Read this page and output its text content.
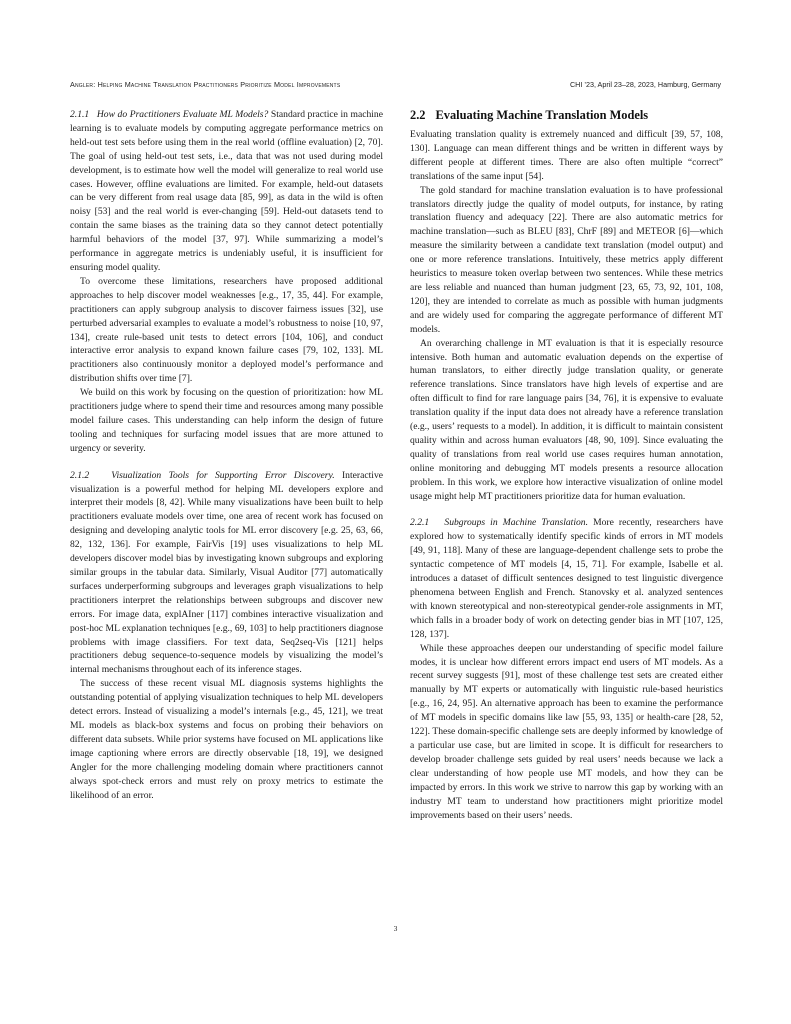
Angler: Helping Machine Translation Practitioners Prioritize Model Improvements	CHI ’23, April 23–28, 2023, Hamburg, Germany

2.1.1 How do Practitioners Evaluate ML Models? Standard practice in machine learning is to evaluate models by computing aggregate performance metrics on held-out test sets before using them in the real world (offline evaluation) [2, 70]. The goal of using held-out test sets, i.e., data that was not used during model development, is to estimate how well the model will generalize to real world use cases. However, offline evaluations are limited. For example, held-out datasets can be very different from real usage data [85, 99], as data in the wild is often noisy [53] and the real world is ever-changing [59]. Held-out datasets tend to contain the same biases as the training data so they cannot detect potentially harmful behaviors of the model [37, 97]. While summarizing a model’s performance in aggregate metrics is undeniably useful, it is insufficient for ensuring model quality.

To overcome these limitations, researchers have proposed additional approaches to help discover model weaknesses [e.g., 17, 35, 44]. For example, practitioners can apply subgroup analysis to discover fairness issues [32], use perturbed adversarial examples to evaluate a model’s robustness to noise [10, 97, 134], create rule-based unit tests to detect errors [104, 106], and conduct interactive error analysis to expand known failure cases [79, 102, 133]. ML practitioners also continuously monitor a deployed model’s performance and distribution shifts over time [7].

We build on this work by focusing on the question of prioritization: how ML practitioners judge where to spend their time and resources among many possible model failure cases. This understanding can help inform the design of future tooling and techniques for surfacing model issues that are more attuned to urgency or severity.

2.1.2 Visualization Tools for Supporting Error Discovery. Interactive visualization is a powerful method for helping ML developers explore and interpret their models [8, 42]. While many visualizations have been built to help practitioners evaluate models over time, one area of recent work has focused on designing and developing analytic tools for ML error discovery [e.g. 25, 63, 66, 82, 132, 136]. For example, FairVis [19] uses visualizations to help ML developers discover model bias by investigating known subgroups and exploring similar groups in the tabular data. Similarly, Visual Auditor [77] automatically surfaces underperforming subgroups and leverages graph visualizations to help practitioners interpret the relationships between subgroups and discover new errors. For image data, explAIner [117] combines interactive visualization and post-hoc ML explanation techniques [e.g., 69, 103] to help practitioners diagnose problems with image classifiers. For text data, Seq2seq-Vis [121] helps practitioners debug sequence-to-sequence models by visualizing the model’s internal mechanisms throughout each of its inference stages.

The success of these recent visual ML diagnosis systems highlights the outstanding potential of applying visualization techniques to help ML developers detect errors. Instead of visualizing a model’s internals [e.g., 45, 121], we treat ML models as black-box systems and focus on probing their behaviors on different data subsets. While prior systems have focused on ML applications like image captioning where errors are directly observable [18, 19], we designed Angler for the more challenging modeling domain where practitioners cannot always spot-check errors and must rely on proxy metrics to estimate the likelihood of an error.

2.2 Evaluating Machine Translation Models

Evaluating translation quality is extremely nuanced and difficult [39, 57, 108, 130]. Language can mean different things and be written in different ways by different people at different times. There are also often multiple “correct” translations of the same input [54].

The gold standard for machine translation evaluation is to have professional translators directly judge the quality of model outputs, for instance, by rating translation fluency and adequacy [22]. There are also automatic metrics for machine translation—such as BLEU [83], ChrF [89] and METEOR [6]—which measure the similarity between a candidate text translation (model output) and one or more reference translations. Intuitively, these metrics apply different heuristics to measure token overlap between two sentences. While these metrics are less reliable and nuanced than human judgment [23, 65, 73, 92, 101, 108, 120], they are intended to correlate as much as possible with human judgments and are widely used for comparing the aggregate performance of different MT models.

An overarching challenge in MT evaluation is that it is especially resource intensive. Both human and automatic evaluation depends on the expertise of human translators, to either directly judge translation quality, or generate reference translations. Since translators have high levels of expertise and are often difficult to find for rare language pairs [34, 76], it is expensive to evaluate translation quality if the input data does not already have a reference translation (e.g., users’ requests to a model). In addition, it is difficult to maintain consistent quality within and across human evaluators [48, 90, 109]. Since evaluating the quality of translations from real world use cases requires human annotation, online monitoring and debugging MT models presents a resource allocation problem. In this work, we explore how interactive visualization of online model usage might help MT practitioners prioritize data for human evaluation.

2.2.1 Subgroups in Machine Translation. More recently, researchers have explored how to systematically identify specific kinds of errors in MT models [49, 91, 118]. Many of these are language-dependent challenge sets to probe the syntactic competence of MT models [4, 15, 71]. For example, Isabelle et al. introduces a dataset of difficult sentences designed to test linguistic divergence phenomena between English and French. Stanovsky et al. analyzed sentences with known stereotypical and non-stereotypical gender-role assignments in MT, which falls in a broader body of work on detecting gender bias in MT [107, 125, 128, 137].

While these approaches deepen our understanding of specific model failure modes, it is unclear how different errors impact end users of MT models. As a recent survey suggests [91], most of these challenge test sets are created either manually by MT experts or automatically with linguistic rule-based heuristics [e.g., 16, 24, 95]. An alternative approach has been to examine the performance of MT models in specific domains like law [55, 93, 135] or health-care [28, 52, 122]. These domain-specific challenge sets are deeply informed by knowledge of a particular use case, but are limited in scope. It is difficult for researchers to develop broader challenge sets guided by real users’ needs because we lack a clear understanding of how people use MT models, and how they can be impacted by errors. In this work we strive to narrow this gap by working with an industry MT team to understand how practitioners might prioritize model improvements based on their users’ needs.

3
